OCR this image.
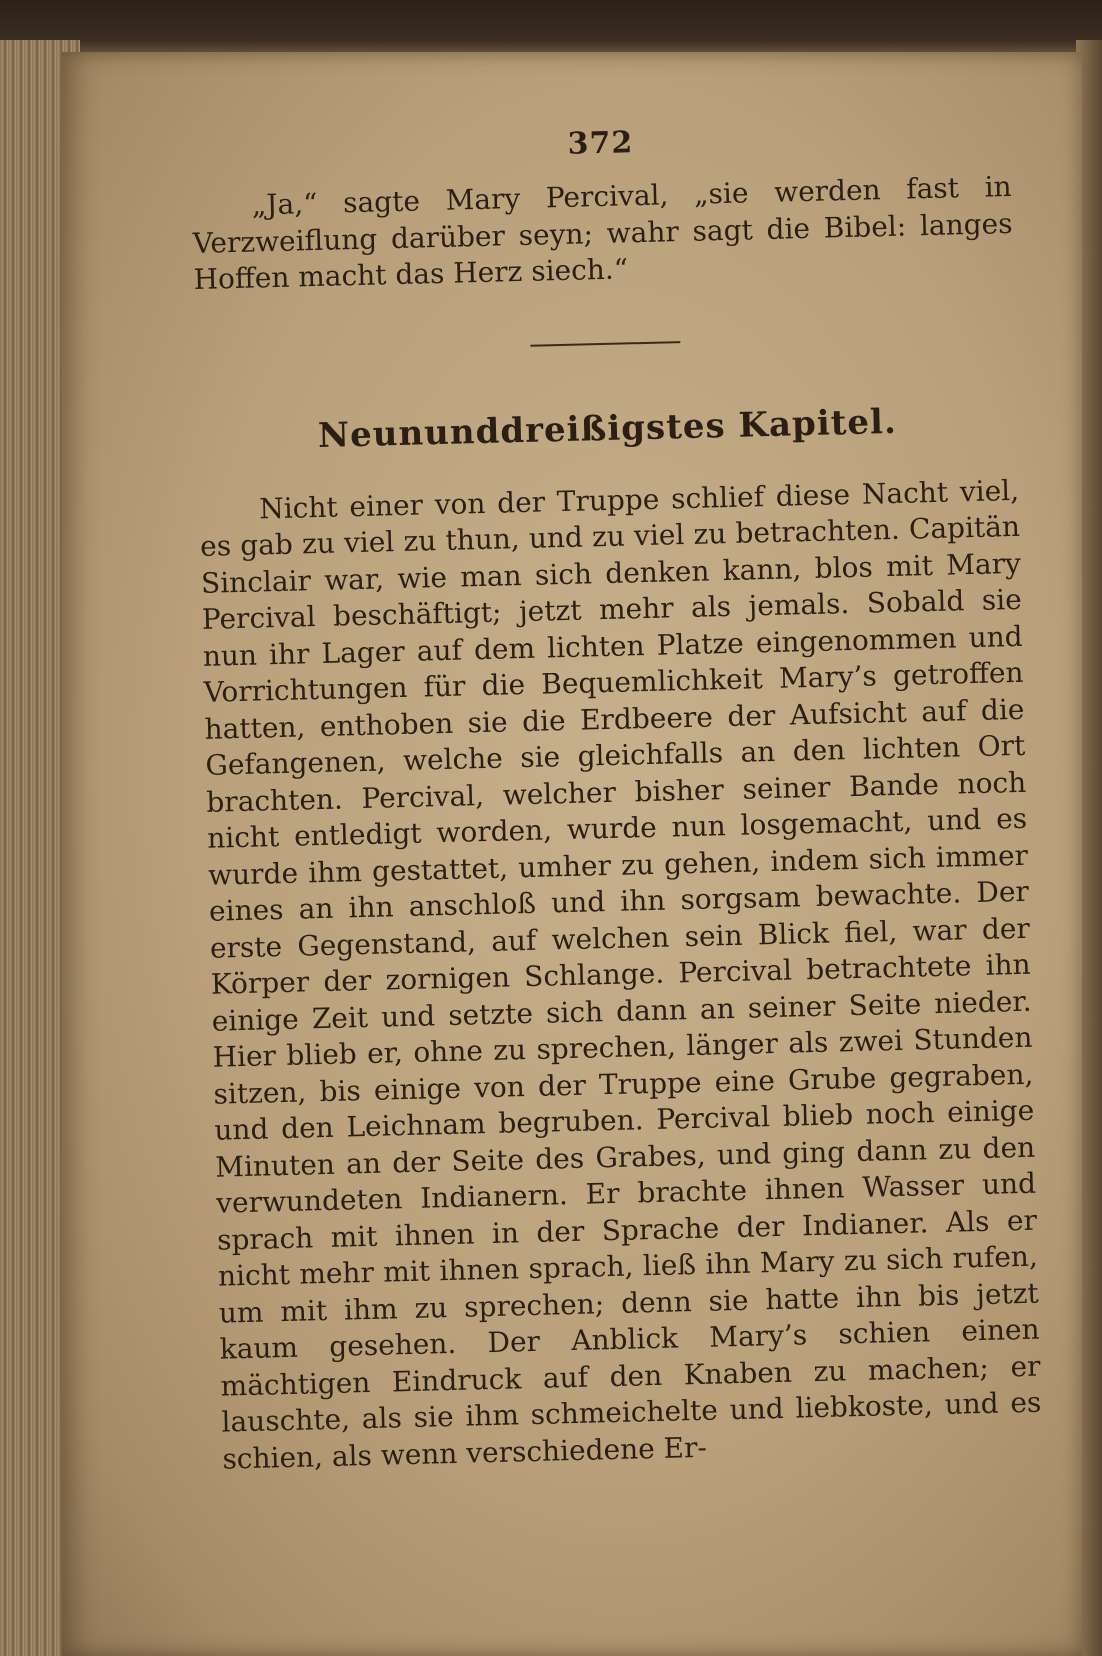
372

„Ja,“ sagte Mary Percival, „sie werden fast in Verzweiflung darüber seyn; wahr sagt die Bibel: langes Hoffen macht das Herz siech.“

Neununddreißigstes Kapitel.

Nicht einer von der Truppe schlief diese Nacht viel, es gab zu viel zu thun, und zu viel zu betrachten. Capitän Sinclair war, wie man sich denken kann, blos mit Mary Percival beschäftigt; jetzt mehr als jemals. Sobald sie nun ihr Lager auf dem lichten Platze eingenommen und Vorrichtungen für die Bequemlichkeit Mary’s getroffen hatten, enthoben sie die Erdbeere der Aufsicht auf die Gefangenen, welche sie gleichfalls an den lichten Ort brachten. Percival, welcher bisher seiner Bande noch nicht entledigt worden, wurde nun losgemacht, und es wurde ihm gestattet, umher zu gehen, indem sich immer eines an ihn anschloß und ihn sorgsam bewachte. Der erste Gegenstand, auf welchen sein Blick fiel, war der Körper der zornigen Schlange. Percival betrachtete ihn einige Zeit und setzte sich dann an seiner Seite nieder. Hier blieb er, ohne zu sprechen, länger als zwei Stunden sitzen, bis einige von der Truppe eine Grube gegraben, und den Leichnam begruben. Percival blieb noch einige Minuten an der Seite des Grabes, und ging dann zu den verwundeten Indianern. Er brachte ihnen Wasser und sprach mit ihnen in der Sprache der Indianer. Als er nicht mehr mit ihnen sprach, ließ ihn Mary zu sich rufen, um mit ihm zu sprechen; denn sie hatte ihn bis jetzt kaum gesehen. Der Anblick Mary’s schien einen mächtigen Eindruck auf den Knaben zu machen; er lauschte, als sie ihm schmeichelte und liebkoste, und es schien, als wenn verschiedene Er-
